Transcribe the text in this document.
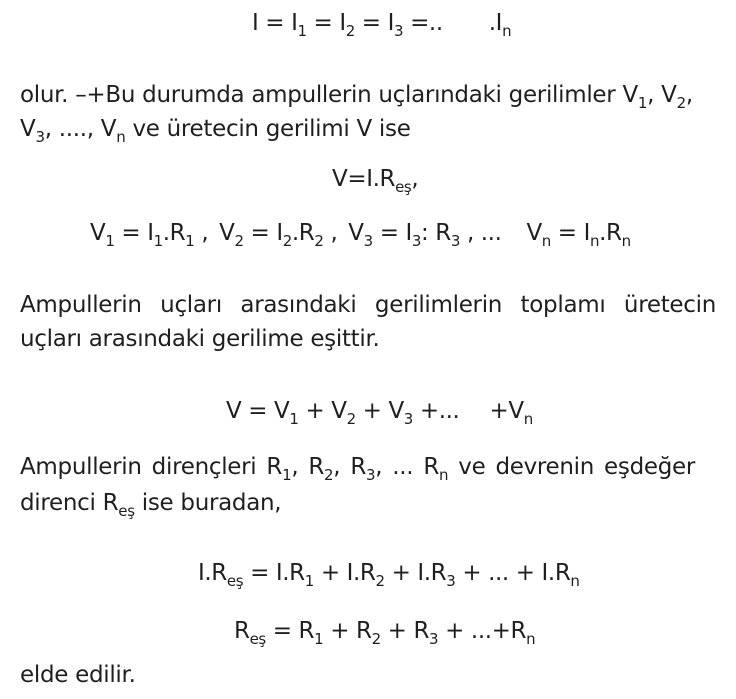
$I = I_1 = I_2 = I_3$ =.. $.I_n$
olur. –+Bu durumda ampullerin uçlarındaki gerilimler $V_1$, $V_2$,
$V_3$, ...., $V_n$ ve üretecin gerilimi V ise
$V=I.R_{eş}$,
$V_1 = I_1.R_1$ , $V_2 = I_2.R_2$ , $V_3 = I_3$: $R_3$ , ... $V_n = I_n.R_n$
Ampullerin uçları arasındaki gerilimlerin toplamı üretecin
uçları arasındaki gerilime eşittir.
$V = V_1 + V_2 + V_3$ +... $+V_n$
Ampullerin dirençleri $R_1$, $R_2$, $R_3$, ... $R_n$ ve devrenin eşdeğer
direnci $R_{eş}$ ise buradan,
$I.R_{eş} = I.R_1 + I.R_2 + I.R_3$ + ... + $I.R_n$
$R_{eş} = R_1 + R_2 + R_3 + ...+R_n$
elde edilir.
